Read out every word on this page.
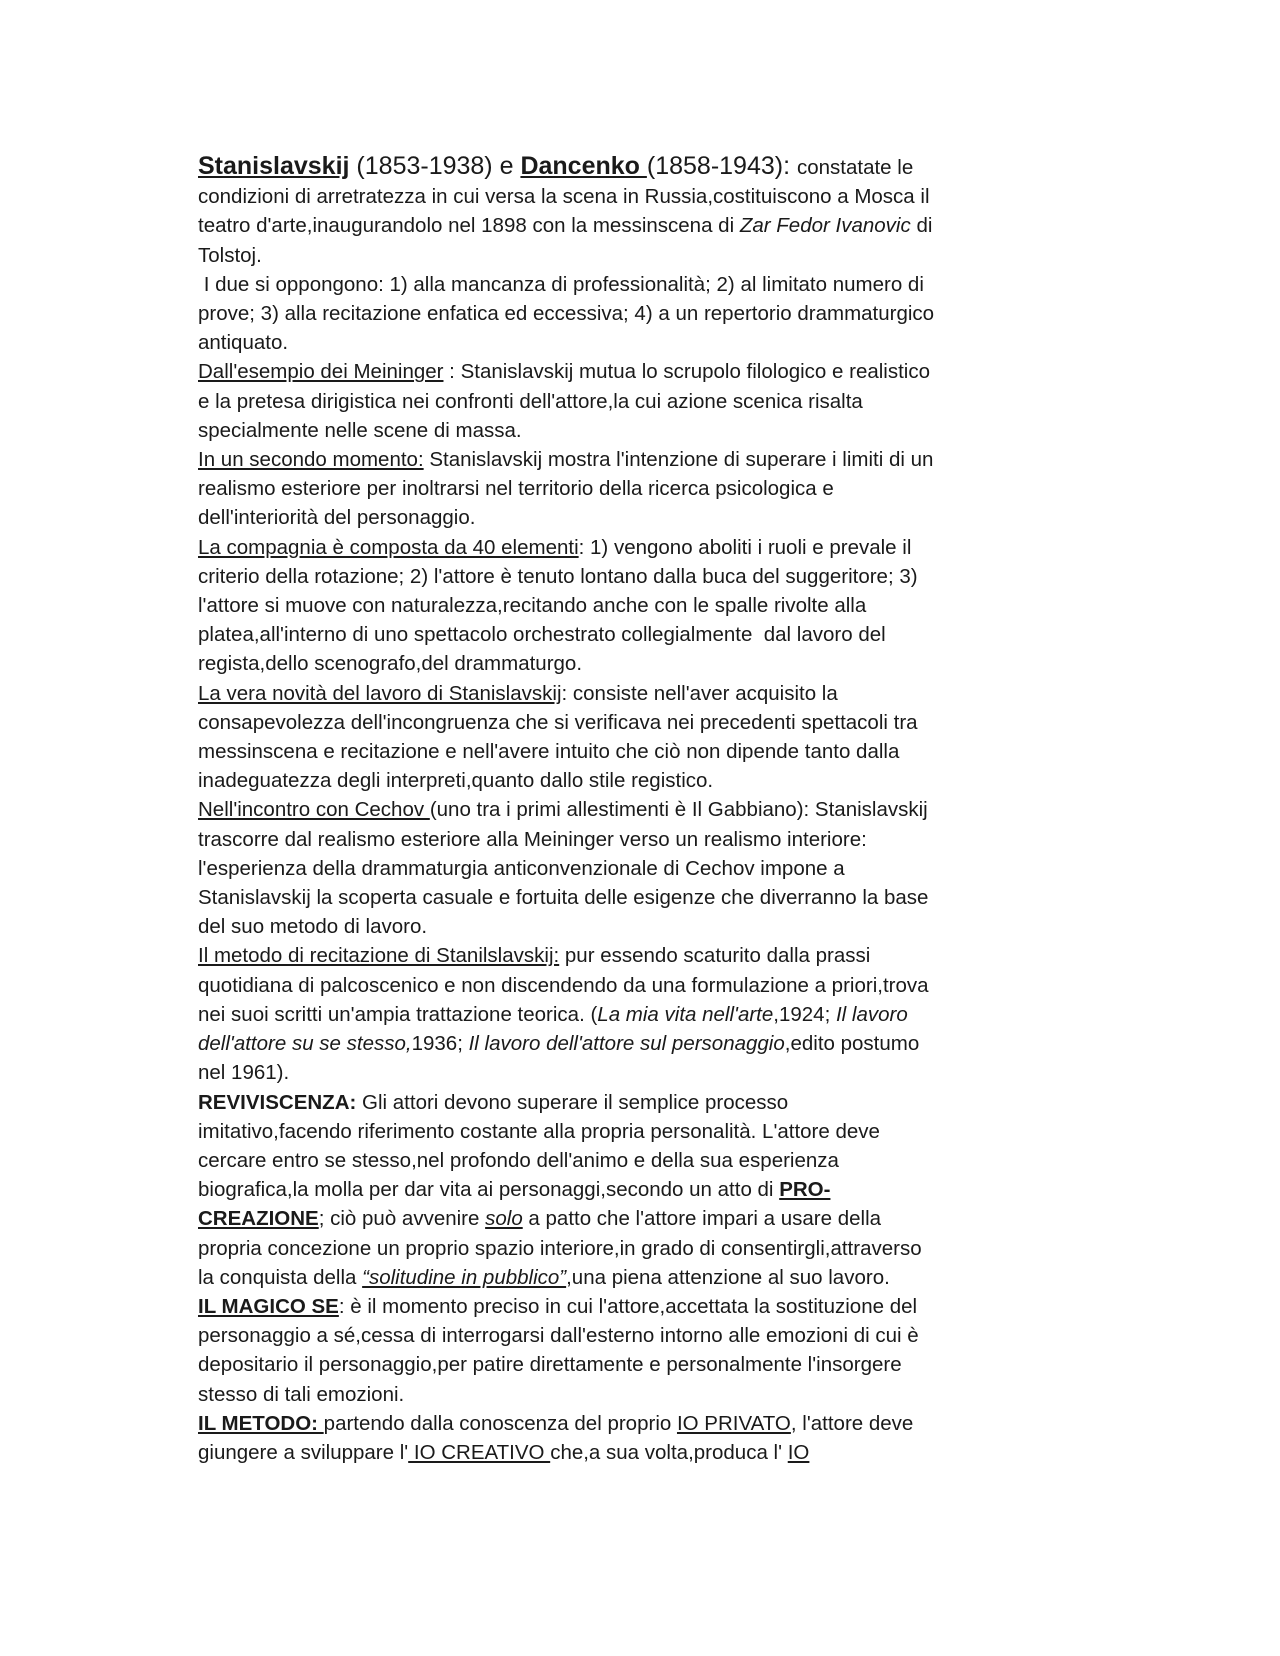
Stanislavskij (1853-1938) e Dancenko (1858-1943): constatate le
condizioni di arretratezza in cui versa la scena in Russia,costituiscono a Mosca il
teatro d'arte,inaugurandolo nel 1898 con la messinscena di Zar Fedor Ivanovic di
Tolstoj.
I due si oppongono: 1) alla mancanza di professionalità; 2) al limitato numero di
prove; 3) alla recitazione enfatica ed eccessiva; 4) a un repertorio drammaturgico
antiquato.
Dall'esempio dei Meininger : Stanislavskij mutua lo scrupolo filologico e realistico
e la pretesa dirigistica nei confronti dell'attore,la cui azione scenica risalta
specialmente nelle scene di massa.
In un secondo momento: Stanislavskij mostra l'intenzione di superare i limiti di un
realismo esteriore per inoltrarsi nel territorio della ricerca psicologica e
dell'interiorità del personaggio.
La compagnia è composta da 40 elementi: 1) vengono aboliti i ruoli e prevale il
criterio della rotazione; 2) l'attore è tenuto lontano dalla buca del suggeritore; 3)
l'attore si muove con naturalezza,recitando anche con le spalle rivolte alla
platea,all'interno di uno spettacolo orchestrato collegialmente  dal lavoro del
regista,dello scenografo,del drammaturgo.
La vera novità del lavoro di Stanislavskij: consiste nell'aver acquisito la
consapevolezza dell'incongruenza che si verificava nei precedenti spettacoli tra
messinscena e recitazione e nell'avere intuito che ciò non dipende tanto dalla
inadeguatezza degli interpreti,quanto dallo stile registico.
Nell'incontro con Cechov (uno tra i primi allestimenti è Il Gabbiano): Stanislavskij
trascorre dal realismo esteriore alla Meininger verso un realismo interiore:
l'esperienza della drammaturgia anticonvenzionale di Cechov impone a
Stanislavskij la scoperta casuale e fortuita delle esigenze che diverranno la base
del suo metodo di lavoro.
Il metodo di recitazione di Stanilslavskij: pur essendo scaturito dalla prassi
quotidiana di palcoscenico e non discendendo da una formulazione a priori,trova
nei suoi scritti un'ampia trattazione teorica. (La mia vita nell'arte,1924; Il lavoro
dell'attore su se stesso,1936; Il lavoro dell'attore sul personaggio,edito postumo
nel 1961).
REVIVISCENZA: Gli attori devono superare il semplice processo
imitativo,facendo riferimento costante alla propria personalità. L'attore deve
cercare entro se stesso,nel profondo dell'animo e della sua esperienza
biografica,la molla per dar vita ai personaggi,secondo un atto di PRO-
CREAZIONE; ciò può avvenire solo a patto che l'attore impari a usare della
propria concezione un proprio spazio interiore,in grado di consentirgli,attraverso
la conquista della “solitudine in pubblico”,una piena attenzione al suo lavoro.
IL MAGICO SE: è il momento preciso in cui l'attore,accettata la sostituzione del
personaggio a sé,cessa di interrogarsi dall'esterno intorno alle emozioni di cui è
depositario il personaggio,per patire direttamente e personalmente l'insorgere
stesso di tali emozioni.
IL METODO: partendo dalla conoscenza del proprio IO PRIVATO, l'attore deve
giungere a sviluppare l' IO CREATIVO che,a sua volta,produca l' IO
